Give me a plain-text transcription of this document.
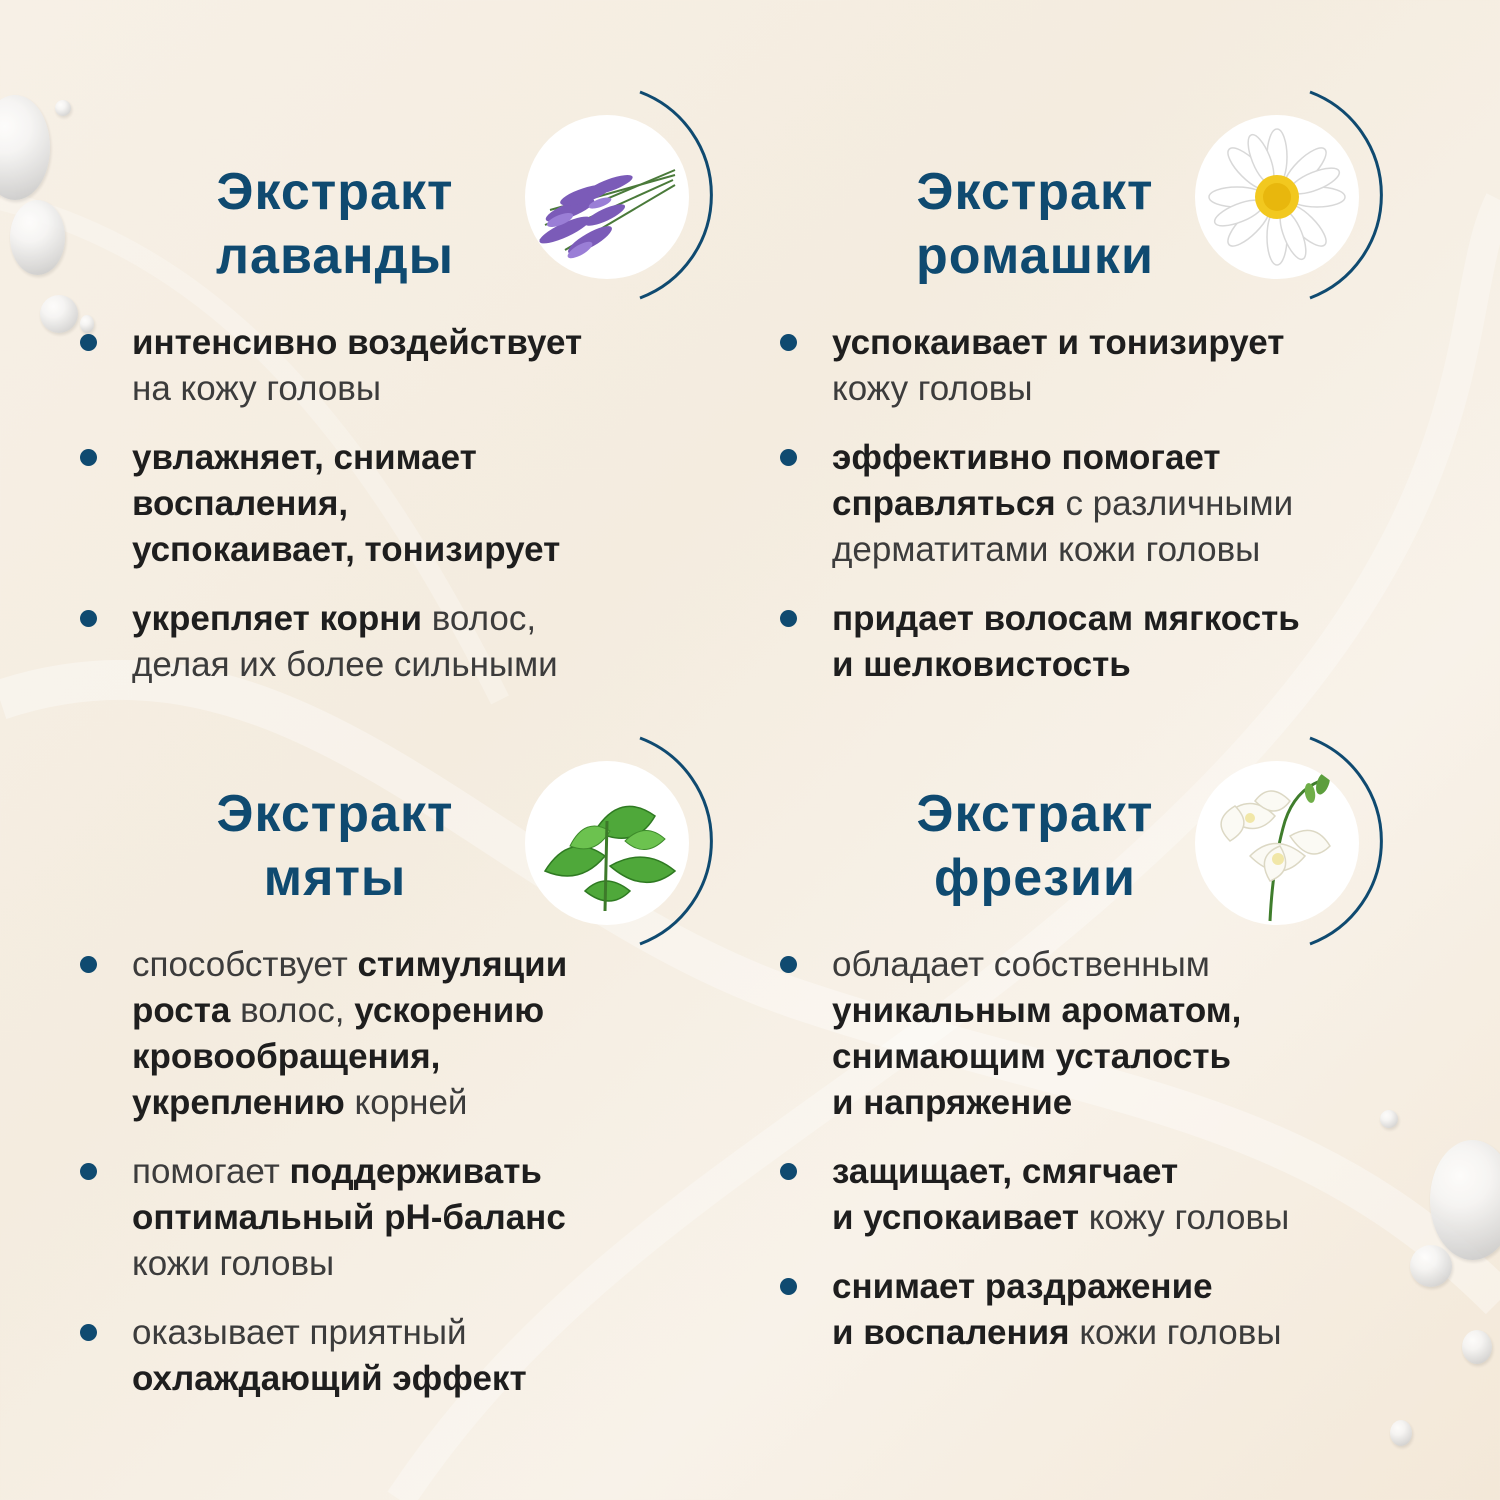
Экстракт
лаванды
интенсивно воздействует
на кожу головы
увлажняет, снимает
воспаления,
успокаивает, тонизирует
укрепляет корни волос,
делая их более сильными
Экстракт
ромашки
успокаивает и тонизирует
кожу головы
эффективно помогает
справляться с различными
дерматитами кожи головы
придает волосам мягкость
и шелковистость
Экстракт
мяты
способствует стимуляции
роста волос, ускорению
кровообращения,
укреплению корней
помогает поддерживать
оптимальный pH-баланс
кожи головы
оказывает приятный
охлаждающий эффект
Экстракт
фрезии
обладает собственным
уникальным ароматом,
снимающим усталость
и напряжение
защищает, смягчает
и успокаивает кожу головы
снимает раздражение
и воспаления кожи головы
